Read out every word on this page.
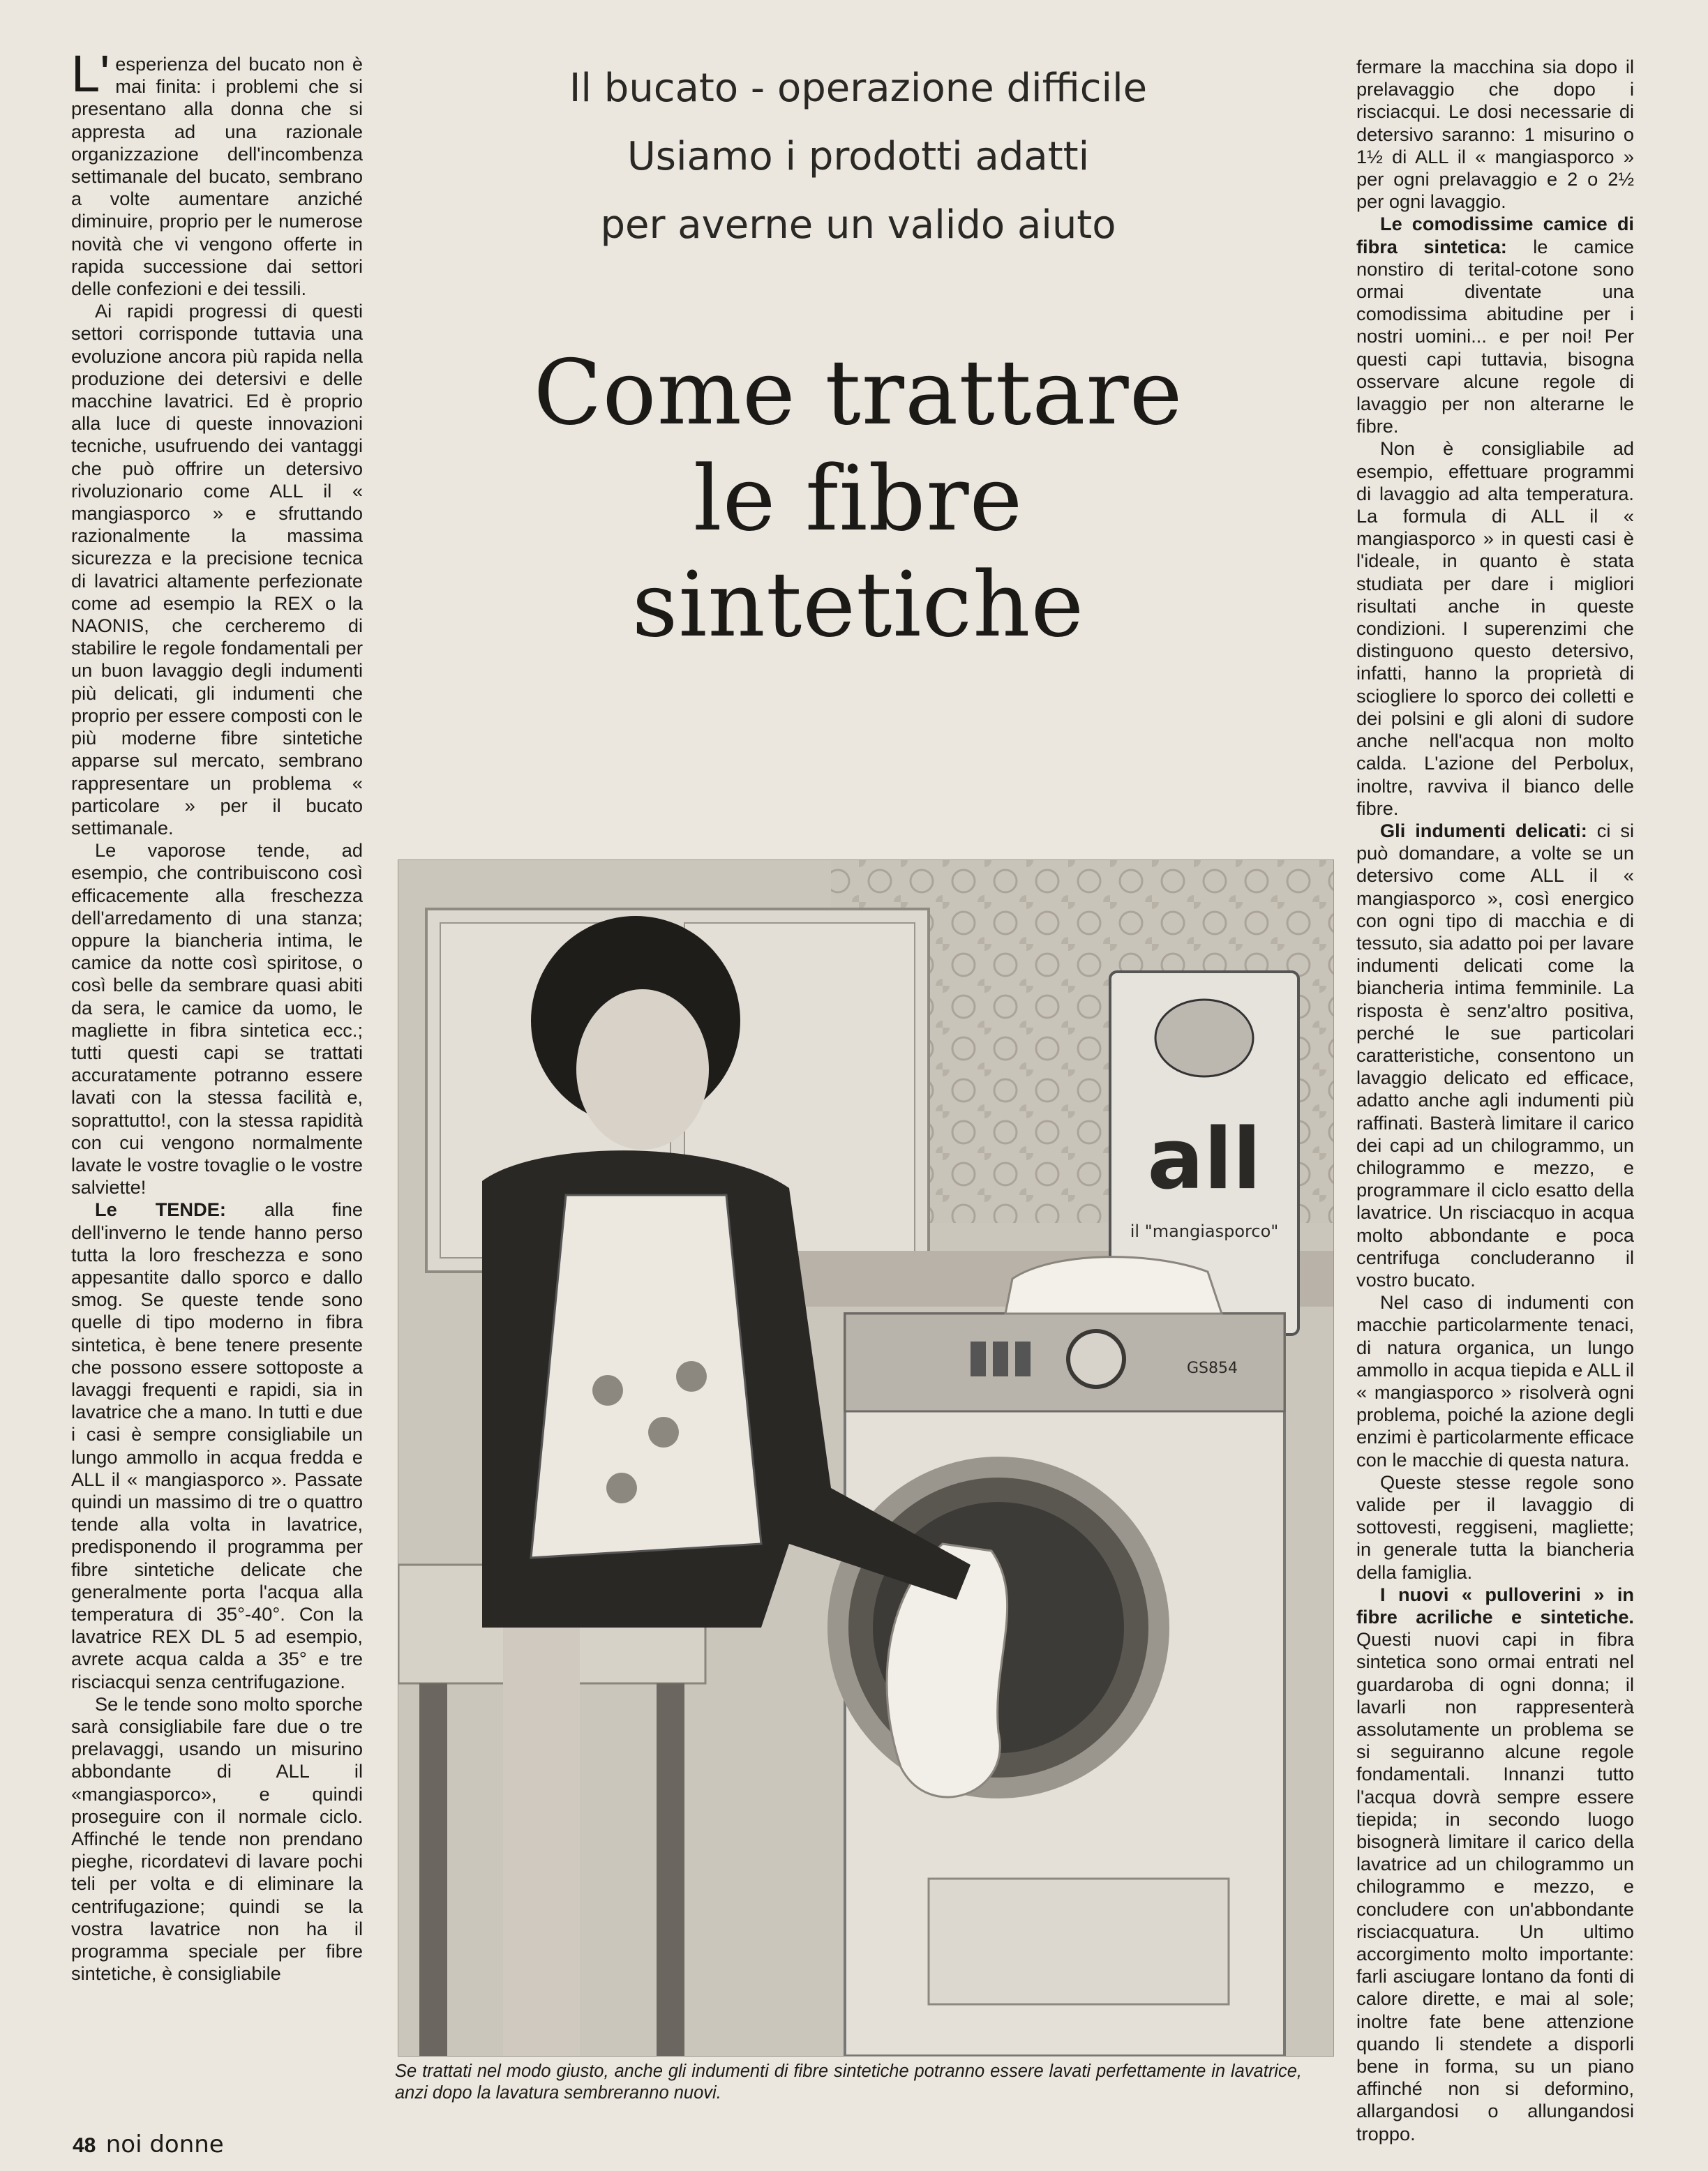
L' esperienza del bucato non è mai finita: i problemi che si presentano alla donna che si appresta ad una razionale organizzazione dell'incombenza settimanale del bucato, sembrano a volte aumentare anziché diminuire, proprio per le numerose novità che vi vengono offerte in rapida successione dai settori delle confezioni e dei tessili.

Ai rapidi progressi di questi settori corrisponde tuttavia una evoluzione ancora più rapida nella produzione dei detersivi e delle macchine lavatrici. Ed è proprio alla luce di queste innovazioni tecniche, usufruendo dei vantaggi che può offrire un detersivo rivoluzionario come ALL il « mangiasporco » e sfruttando razionalmente la massima sicurezza e la precisione tecnica di lavatrici altamente perfezionate come ad esempio la REX o la NAONIS, che cercheremo di stabilire le regole fondamentali per un buon lavaggio degli indumenti più delicati, gli indumenti che proprio per essere composti con le più moderne fibre sintetiche apparse sul mercato, sembrano rappresentare un problema « particolare » per il bucato settimanale.

Le vaporose tende, ad esempio, che contribuiscono così efficacemente alla freschezza dell'arredamento di una stanza; oppure la biancheria intima, le camice da notte così spiritose, o così belle da sembrare quasi abiti da sera, le camice da uomo, le magliette in fibra sintetica ecc.; tutti questi capi se trattati accuratamente potranno essere lavati con la stessa facilità e, soprattutto!, con la stessa rapidità con cui vengono normalmente lavate le vostre tovaglie o le vostre salviette!

Le TENDE: alla fine dell'inverno le tende hanno perso tutta la loro freschezza e sono appesantite dallo sporco e dallo smog. Se queste tende sono quelle di tipo moderno in fibra sintetica, è bene tenere presente che possono essere sottoposte a lavaggi frequenti e rapidi, sia in lavatrice che a mano. In tutti e due i casi è sempre consigliabile un lungo ammollo in acqua fredda e ALL il « mangiasporco ». Passate quindi un massimo di tre o quattro tende alla volta in lavatrice, predisponendo il programma per fibre sintetiche delicate che generalmente porta l'acqua alla temperatura di 35°-40°. Con la lavatrice REX DL 5 ad esempio, avrete acqua calda a 35° e tre risciacqui senza centrifugazione.

Se le tende sono molto sporche sarà consigliabile fare due o tre prelavaggi, usando un misurino abbondante di ALL il «mangiasporco», e quindi proseguire con il normale ciclo. Affinché le tende non prendano pieghe, ricordatevi di lavare pochi teli per volta e di eliminare la centrifugazione; quindi se la vostra lavatrice non ha il programma speciale per fibre sintetiche, è consigliabile

Il bucato - operazione difficile
Usiamo i prodotti adatti
per averne un valido aiuto
Come trattare
le fibre
sintetiche
all
il "mangiasporco"
GS854
Se trattati nel modo giusto, anche gli indumenti di fibre sintetiche potranno essere lavati perfettamente in lavatrice, anzi dopo la lavatura sembreranno nuovi.

fermare la macchina sia dopo il prelavaggio che dopo i risciacqui. Le dosi necessarie di detersivo saranno: 1 misurino o 1½ di ALL il « mangiasporco » per ogni prelavaggio e 2 o 2½ per ogni lavaggio.

Le comodissime camice di fibra sintetica: le camice nonstiro di terital-cotone sono ormai diventate una comodissima abitudine per i nostri uomini... e per noi! Per questi capi tuttavia, bisogna osservare alcune regole di lavaggio per non alterarne le fibre.

Non è consigliabile ad esempio, effettuare programmi di lavaggio ad alta temperatura. La formula di ALL il « mangiasporco » in questi casi è l'ideale, in quanto è stata studiata per dare i migliori risultati anche in queste condizioni. I superenzimi che distinguono questo detersivo, infatti, hanno la proprietà di sciogliere lo sporco dei colletti e dei polsini e gli aloni di sudore anche nell'acqua non molto calda. L'azione del Perbolux, inoltre, ravviva il bianco delle fibre.

Gli indumenti delicati: ci si può domandare, a volte se un detersivo come ALL il « mangiasporco », così energico con ogni tipo di macchia e di tessuto, sia adatto poi per lavare indumenti delicati come la biancheria intima femminile. La risposta è senz'altro positiva, perché le sue particolari caratteristiche, consentono un lavaggio delicato ed efficace, adatto anche agli indumenti più raffinati. Basterà limitare il carico dei capi ad un chilogrammo, un chilogrammo e mezzo, e programmare il ciclo esatto della lavatrice. Un risciacquo in acqua molto abbondante e poca centrifuga concluderanno il vostro bucato.

Nel caso di indumenti con macchie particolarmente tenaci, di natura organica, un lungo ammollo in acqua tiepida e ALL il « mangiasporco » risolverà ogni problema, poiché la azione degli enzimi è particolarmente efficace con le macchie di questa natura.

Queste stesse regole sono valide per il lavaggio di sottovesti, reggiseni, magliette; in generale tutta la biancheria della famiglia.

I nuovi « pulloverini » in fibre acriliche e sintetiche. Questi nuovi capi in fibra sintetica sono ormai entrati nel guardaroba di ogni donna; il lavarli non rappresenterà assolutamente un problema se si seguiranno alcune regole fondamentali. Innanzi tutto l'acqua dovrà sempre essere tiepida; in secondo luogo bisognerà limitare il carico della lavatrice ad un chilogrammo un chilogrammo e mezzo, e concludere con un'abbondante risciacquatura. Un ultimo accorgimento molto importante: farli asciugare lontano da fonti di calore dirette, e mai al sole; inoltre fate bene attenzione quando li stendete a disporli bene in forma, su un piano affinché non si deformino, allargandosi o allungandosi troppo.

48 noi donne
